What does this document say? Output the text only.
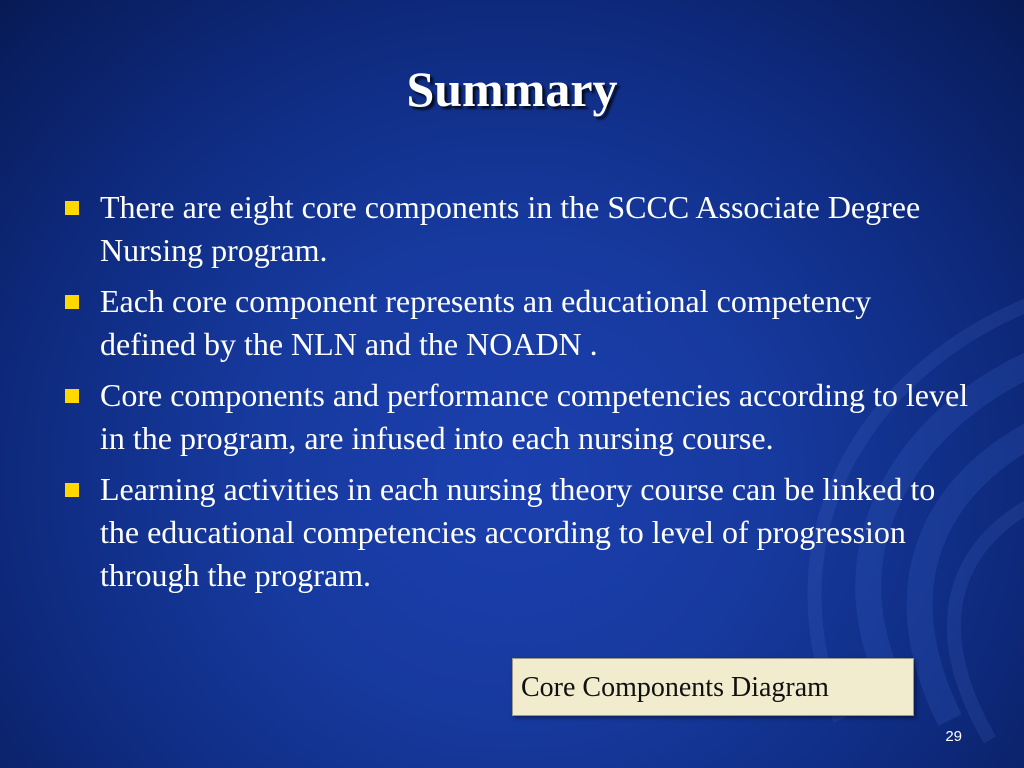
Summary
There are eight core components in the SCCC Associate Degree Nursing program.
Each core component represents an educational competency defined by the NLN and the NOADN .
Core components and performance competencies according to level in the program, are infused into each nursing course.
Learning activities in each nursing theory course can be linked to the educational competencies according to level of progression through the program.
Core Components Diagram
29
